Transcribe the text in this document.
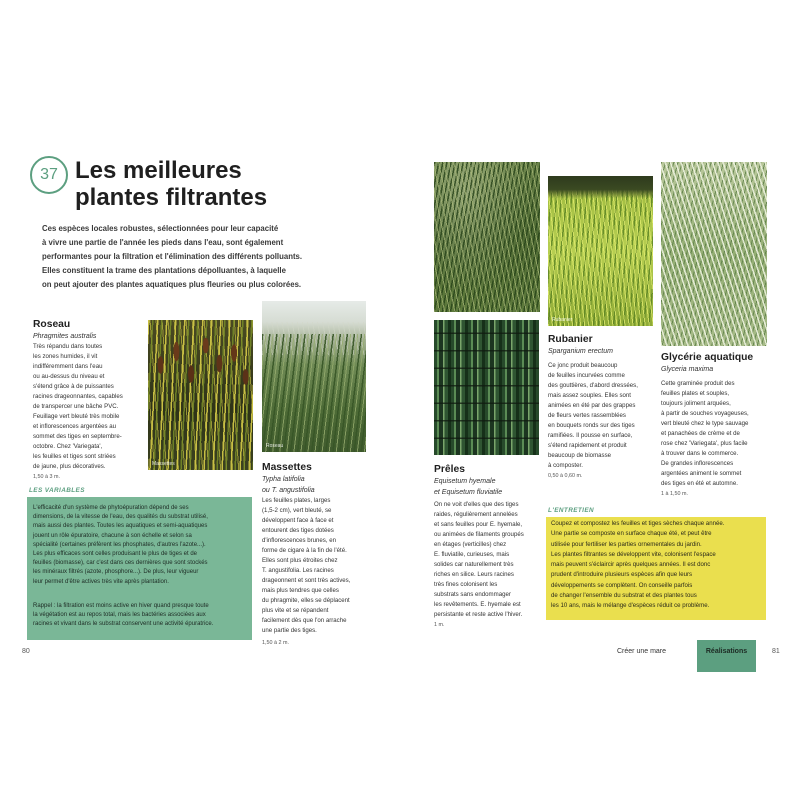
37 Les meilleures
plantes filtrantes
Ces espèces locales robustes, sélectionnées pour leur capacité
à vivre une partie de l'année les pieds dans l'eau, sont également
performantes pour la filtration et l'élimination des différents polluants.
Elles constituent la trame des plantations dépolluantes, à laquelle
on peut ajouter des plantes aquatiques plus fleuries ou plus colorées.
Massettes
Roseau
Rubanier
Roseau
Phragmites australis
Très répandu dans toutes
les zones humides, il vit
indifféremment dans l'eau
ou au-dessus du niveau et
s'étend grâce à de puissantes
racines drageonnantes, capables
de transpercer une bâche PVC.
Feuillage vert bleuté très mobile
et inflorescences argentées au
sommet des tiges en septembre-
octobre. Chez 'Variegata',
les feuilles et tiges sont striées
de jaune, plus décoratives.
1,50 à 3 m.
Massettes
Typha latifolia
ou T. angustifolia
Les feuilles plates, larges
(1,5-2 cm), vert bleuté, se
développent face à face et
entourent des tiges dotées
d'inflorescences brunes, en
forme de cigare à la fin de l'été.
Elles sont plus étroites chez
T. angustifolia. Les racines
drageonnent et sont très actives,
mais plus tendres que celles
du phragmite, elles se déplacent
plus vite et se répandent
facilement dès que l'on arrache
une partie des tiges.
1,50 à 2 m.
Prêles
Equisetum hyemale
et Equisetum fluviatile
On ne voit d'elles que des tiges
raides, régulièrement annelées
et sans feuilles pour E. hyemale,
ou animées de filaments groupés
en étages (verticilles) chez
E. fluviatile, curieuses, mais
solides car naturellement très
riches en silice. Leurs racines
très fines colonisent les
substrats sans endommager
les revêtements. E. hyemale est
persistante et reste active l'hiver.
1 m.
Rubanier
Sparganium erectum
Ce jonc produit beaucoup
de feuilles incurvées comme
des gouttières, d'abord dressées,
mais assez souples. Elles sont
animées en été par des grappes
de fleurs vertes rassemblées
en bouquets ronds sur des tiges
ramifiées. Il pousse en surface,
s'étend rapidement et produit
beaucoup de biomasse
à composter.
0,50 à 0,60 m.
Glycérie aquatique
Glyceria maxima
Cette graminée produit des
feuilles plates et souples,
toujours joliment arquées,
à partir de souches voyageuses,
vert bleuté chez le type sauvage
et panachées de crème et de
rose chez 'Variegata', plus facile
à trouver dans le commerce.
De grandes inflorescences
argentées animent le sommet
des tiges en été et automne.
1 à 1,50 m.
LES VARIABLES
L'efficacité d'un système de phytoépuration dépend de ses
dimensions, de la vitesse de l'eau, des qualités du substrat utilisé,
mais aussi des plantes. Toutes les aquatiques et semi-aquatiques
jouent un rôle épuratoire, chacune à son échelle et selon sa
spécialité (certaines préfèrent les phosphates, d'autres l'azote...).
Les plus efficaces sont celles produisant le plus de tiges et de
feuilles (biomasse), car c'est dans ces dernières que sont stockés
les minéraux filtrés (azote, phosphore...). De plus, leur vigueur
leur permet d'être actives très vite après plantation.
Rappel : la filtration est moins active en hiver quand presque toute
la végétation est au repos total, mais les bactéries associées aux
racines et vivant dans le substrat conservent une activité épuratrice.
L'ENTRETIEN
Coupez et compostez les feuilles et tiges sèches chaque année.
Une partie se composte en surface chaque été, et peut être
utilisée pour fertiliser les parties ornementales du jardin.
Les plantes filtrantes se développent vite, colonisent l'espace
mais peuvent s'éclaircir après quelques années. Il est donc
prudent d'introduire plusieurs espèces afin que leurs
développements se complètent. On conseille parfois
de changer l'ensemble du substrat et des plantes tous
les 10 ans, mais le mélange d'espèces réduit ce problème.
80	Créer une mare	Réalisations	81
